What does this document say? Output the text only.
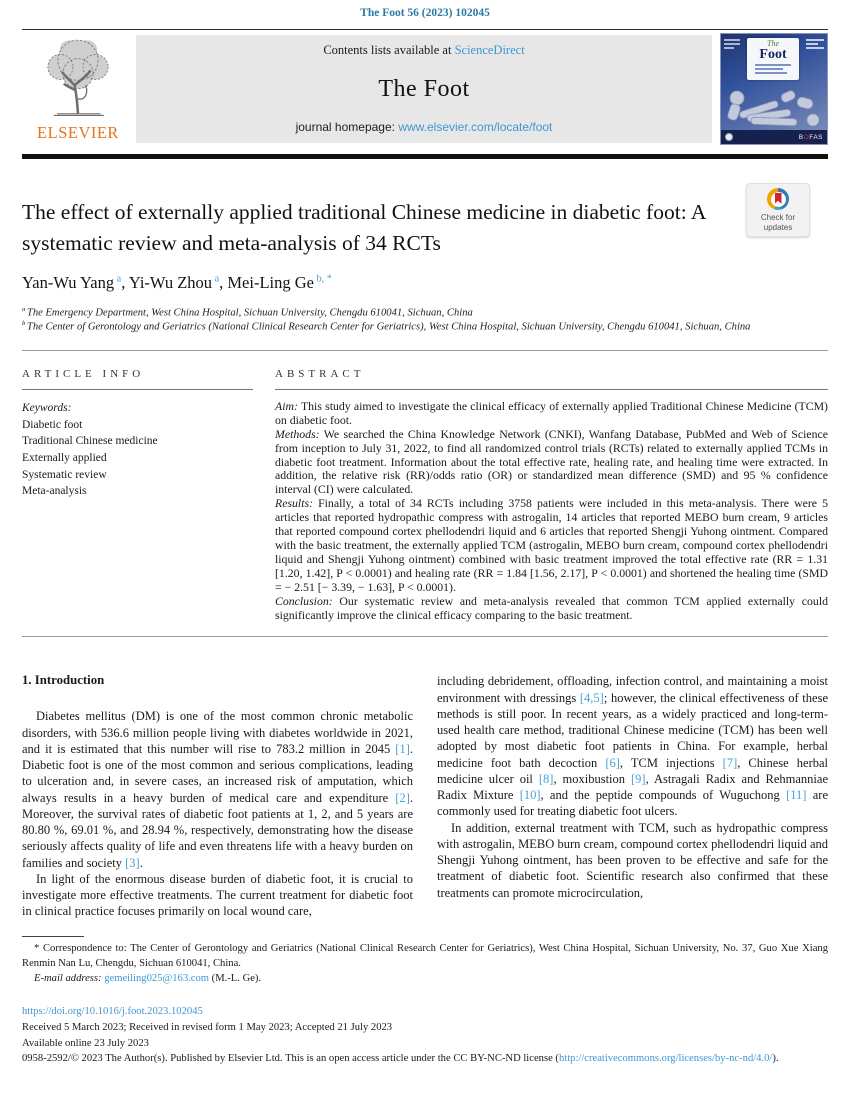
The Foot 56 (2023) 102045
ELSEVIER
Contents lists available at ScienceDirect
The Foot
journal homepage: www.elsevier.com/locate/foot
The
Foot
BOFAS
The effect of externally applied traditional Chinese medicine in diabetic foot: A systematic review and meta-analysis of 34 RCTs
Check for updates
Yan-Wu Yang $^a$, Yi-Wu Zhou $^a$, Mei-Ling Ge $^{b, *}$
$^a$ The Emergency Department, West China Hospital, Sichuan University, Chengdu 610041, Sichuan, China
$^b$ The Center of Gerontology and Geriatrics (National Clinical Research Center for Geriatrics), West China Hospital, Sichuan University, Chengdu 610041, Sichuan, China
ARTICLE INFO
Keywords:
Diabetic foot
Traditional Chinese medicine
Externally applied
Systematic review
Meta-analysis
ABSTRACT

Aim: This study aimed to investigate the clinical efficacy of externally applied Traditional Chinese Medicine (TCM) on diabetic foot.

Methods: We searched the China Knowledge Network (CNKI), Wanfang Database, PubMed and Web of Science from inception to July 31, 2022, to find all randomized control trials (RCTs) related to externally applied TCMs in diabetic foot treatment. Information about the total effective rate, healing rate, and healing time were extracted. In addition, the relative risk (RR)/odds ratio (OR) or standardized mean difference (SMD) and 95 % confidence interval (CI) were calculated.

Results: Finally, a total of 34 RCTs including 3758 patients were included in this meta-analysis. There were 5 articles that reported hydropathic compress with astrogalin, 14 articles that reported MEBO burn cream, 9 articles that reported compound cortex phellodendri liquid and 6 articles that reported Shengji Yuhong ointment. Compared with the basic treatment, the externally applied TCM (astrogalin, MEBO burn cream, compound cortex phellodendri liquid and Shengji Yuhong ointment) combined with basic treatment improved the total effective rate (RR = 1.31 [1.20, 1.42], P < 0.0001) and healing rate (RR = 1.84 [1.56, 2.17], P < 0.0001) and shortened the healing time (SMD = − 2.51 [− 3.39, − 1.63], P < 0.0001).

Conclusion: Our systematic review and meta-analysis revealed that common TCM applied externally could significantly improve the clinical efficacy comparing to the basic treatment.

1. Introduction

Diabetes mellitus (DM) is one of the most common chronic metabolic disorders, with 536.6 million people living with diabetes worldwide in 2021, and it is estimated that this number will rise to 783.2 million in 2045 [1]. Diabetic foot is one of the most common and serious complications, leading to ulceration and, in severe cases, an increased risk of amputation, which always results in a heavy burden of medical care and expenditure [2]. Moreover, the survival rates of diabetic foot patients at 1, 2, and 5 years are 80.80 %, 69.01 %, and 28.94 %, respectively, demonstrating how the disease seriously affects quality of life and even threatens life with a heavy burden on families and society [3].

In light of the enormous disease burden of diabetic foot, it is crucial to investigate more effective treatments. The current treatment for diabetic foot in clinical practice focuses primarily on local wound care,

including debridement, offloading, infection control, and maintaining a moist environment with dressings [4,5]; however, the clinical effectiveness of these methods is still poor. In recent years, as a widely practiced and long-term-used health care method, traditional Chinese medicine (TCM) has been well adopted by most diabetic foot patients in China. For example, herbal medicine foot bath decoction [6], TCM injections [7], Chinese herbal medicine ulcer oil [8], moxibustion [9], Astragali Radix and Rehmanniae Radix Mixture [10], and the peptide compounds of Wuguchong [11] are commonly used for treating diabetic foot ulcers.

In addition, external treatment with TCM, such as hydropathic compress with astrogalin, MEBO burn cream, compound cortex phellodendri liquid and Shengji Yuhong ointment, has been proven to be effective and safe for the treatment of diabetic foot. Scientific research also confirmed that these treatments can promote microcirculation,

* Correspondence to: The Center of Gerontology and Geriatrics (National Clinical Research Center for Geriatrics), West China Hospital, Sichuan University, No. 37, Guo Xue Xiang Renmin Nan Lu, Chengdu, Sichuan 610041, China.

E-mail address: gemeiling025@163.com (M.-L. Ge).

https://doi.org/10.1016/j.foot.2023.102045
Received 5 March 2023; Received in revised form 1 May 2023; Accepted 21 July 2023
Available online 23 July 2023
0958-2592/© 2023 The Author(s). Published by Elsevier Ltd. This is an open access article under the CC BY-NC-ND license (http://creativecommons.org/licenses/by-nc-nd/4.0/).
